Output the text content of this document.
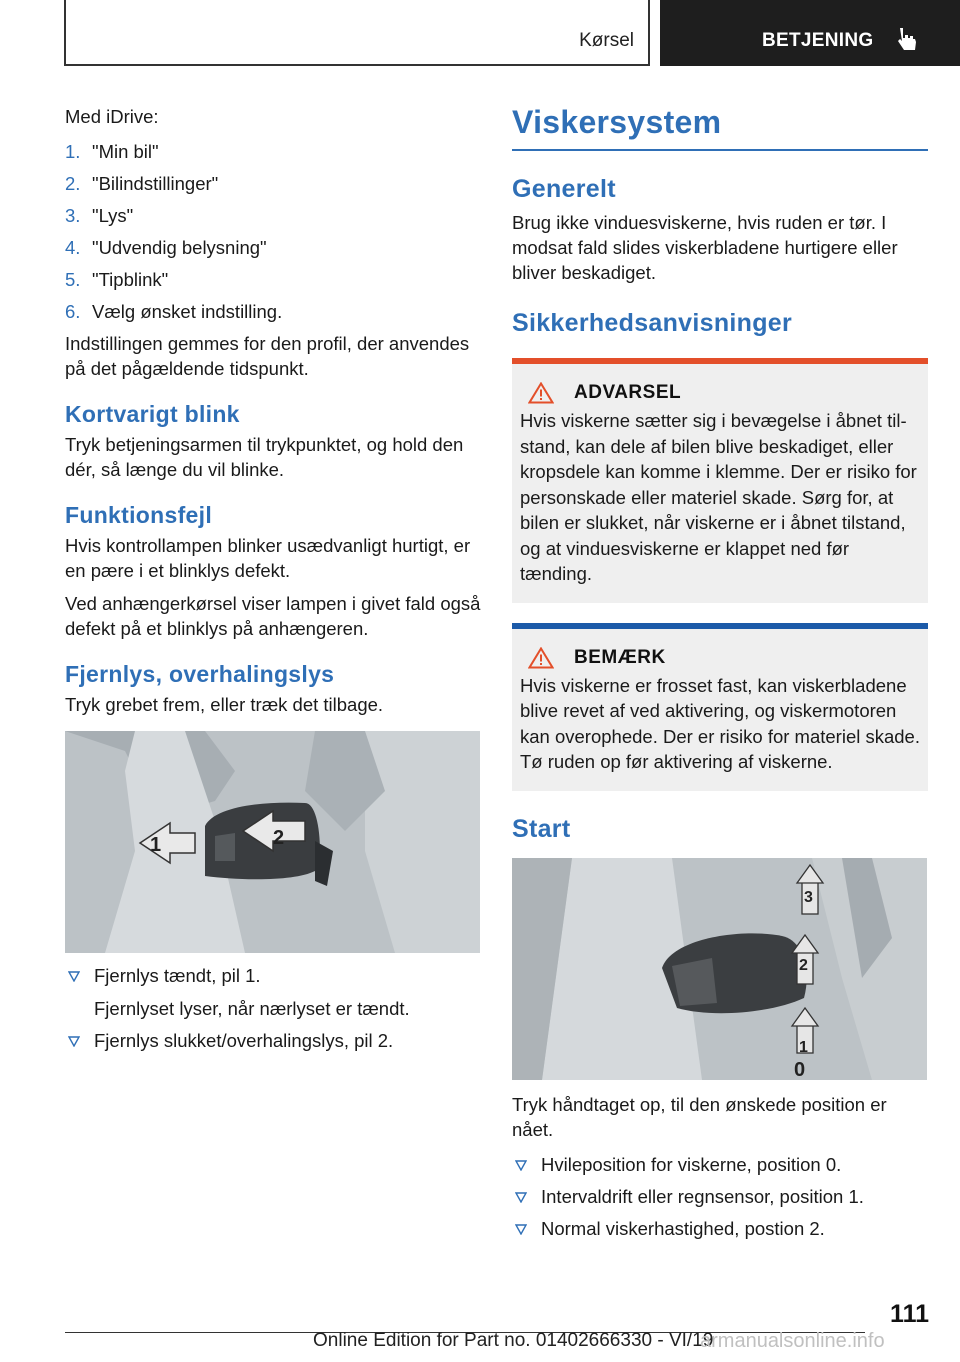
Kørsel	BETJENING

Med iDrive:

1. "Min bil"
2. "Bilindstillinger"
3. "Lys"
4. "Udvendig belysning"
5. "Tipblink"
6. Vælg ønsket indstilling.

Indstillingen gemmes for den profil, der anvendes på det pågældende tidspunkt.

Kortvarigt blink

Tryk betjeningsarmen til trykpunktet, og hold den dér, så længe du vil blinke.

Funktionsfejl

Hvis kontrollampen blinker usædvanligt hurtigt, er en pære i et blinklys defekt.

Ved anhængerkørsel viser lampen i givet fald også defekt på et blinklys på anhængeren.

Fjernlys, overhalingslys

Tryk grebet frem, eller træk det tilbage.

1	2
Fjernlys tændt, pil 1.

Fjernlyset lyser, når nærlyset er tændt.

Fjernlys slukket/overhalingslys, pil 2.
Viskersystem
Generelt

Brug ikke vinduesviskerne, hvis ruden er tør. I modsat fald slides viskerbladene hurtigere eller bliver beskadiget.

Sikkerhedsanvisninger
ADVARSEL

Hvis viskerne sætter sig i bevægelse i åbnet tilstand, kan dele af bilen blive beskadiget, eller kropsdele kan komme i klemme. Der er risiko for personskade eller materiel skade. Sørg for, at bilen er slukket, når viskerne er i åbnet tilstand, og at vinduesviskerne er klappet ned før tænding.

BEMÆRK

Hvis viskerne er frosset fast, kan viskerbladene blive revet af ved aktivering, og viskermotoren kan overophede. Der er risiko for materiel skade. Tø ruden op før aktivering af viskerne.

Start
1
2
3
0

Tryk håndtaget op, til den ønskede position er nået.

Hvileposition for viskerne, position 0.
Intervaldrift eller regnsensor, position 1.
Normal viskerhastighed, postion 2.
111
Online Edition for Part no. 01402666330 - VI/19
armanualsonline.info
